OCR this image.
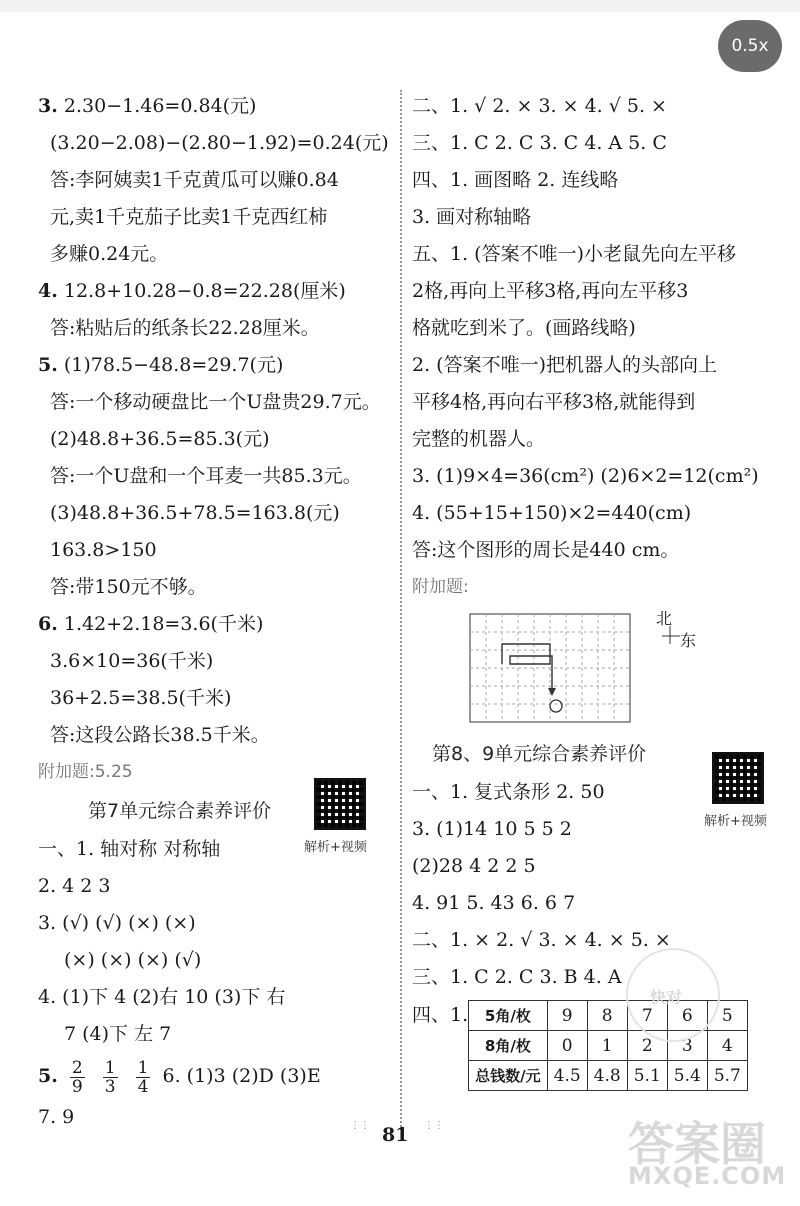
0.5x
3. 2.30−1.46=0.84(元)
(3.20−2.08)−(2.80−1.92)=0.24(元)
答:李阿姨卖1千克黄瓜可以赚0.84
元,卖1千克茄子比卖1千克西红柿
多赚0.24元。
4. 12.8+10.28−0.8=22.28(厘米)
答:粘贴后的纸条长22.28厘米。
5. (1)78.5−48.8=29.7(元)
答:一个移动硬盘比一个U盘贵29.7元。
(2)48.8+36.5=85.3(元)
答:一个U盘和一个耳麦一共85.3元。
(3)48.8+36.5+78.5=163.8(元)
163.8>150
答:带150元不够。
6. 1.42+2.18=3.6(千米)
3.6×10=36(千米)
36+2.5=38.5(千米)
答:这段公路长38.5千米。
附加题:5.25
第7单元综合素养评价
一、1. 轴对称 对称轴
2. 4 2 3
3. (√) (√) (×) (×)
(×) (×) (×) (√)
4. (1)下 4 (2)右 10 (3)下 右
7 (4)下 左 7
5. $\frac{2}{9}$
$\frac{1}{3}$
$\frac{1}{4} 6$. (1)3 (2)D (3)E
7. 9
解析+视频
二、1. √ 2. × 3. × 4. √ 5. ×
三、1. C 2. C 3. C 4. A 5. C
四、1. 画图略 2. 连线略
3. 画对称轴略
五、1. (答案不唯一)小老鼠先向左平移
2格,再向上平移3格,再向左平移3
格就吃到米了。(画路线略)
2. (答案不唯一)把机器人的头部向上
平移4格,再向右平移3格,就能得到
完整的机器人。
3. (1)9×4=36(cm²) (2)6×2=12(cm²)
4. (55+15+150)×2=440(cm)
答:这个图形的周长是440 cm。
附加题:
北
东
第8、9单元综合素养评价
一、1. 复式条形 2. 50
3. (1)14 10 5 5 2
(2)28 4 2 2 5
4. 91 5. 43 6. 6 7
二、1. × 2. √ 3. × 4. × 5. ×
三、1. C 2. C 3. B 4. A
四、1. 5角/枚	9	8	7	6	5
8角/枚	0	1	2	3	4
总钱数/元	4.5	4.8	5.1	5.4	5.7
解析+视频
⋮⋮ 81 ⋮⋮
快对
答案圈
MXQE.COM
